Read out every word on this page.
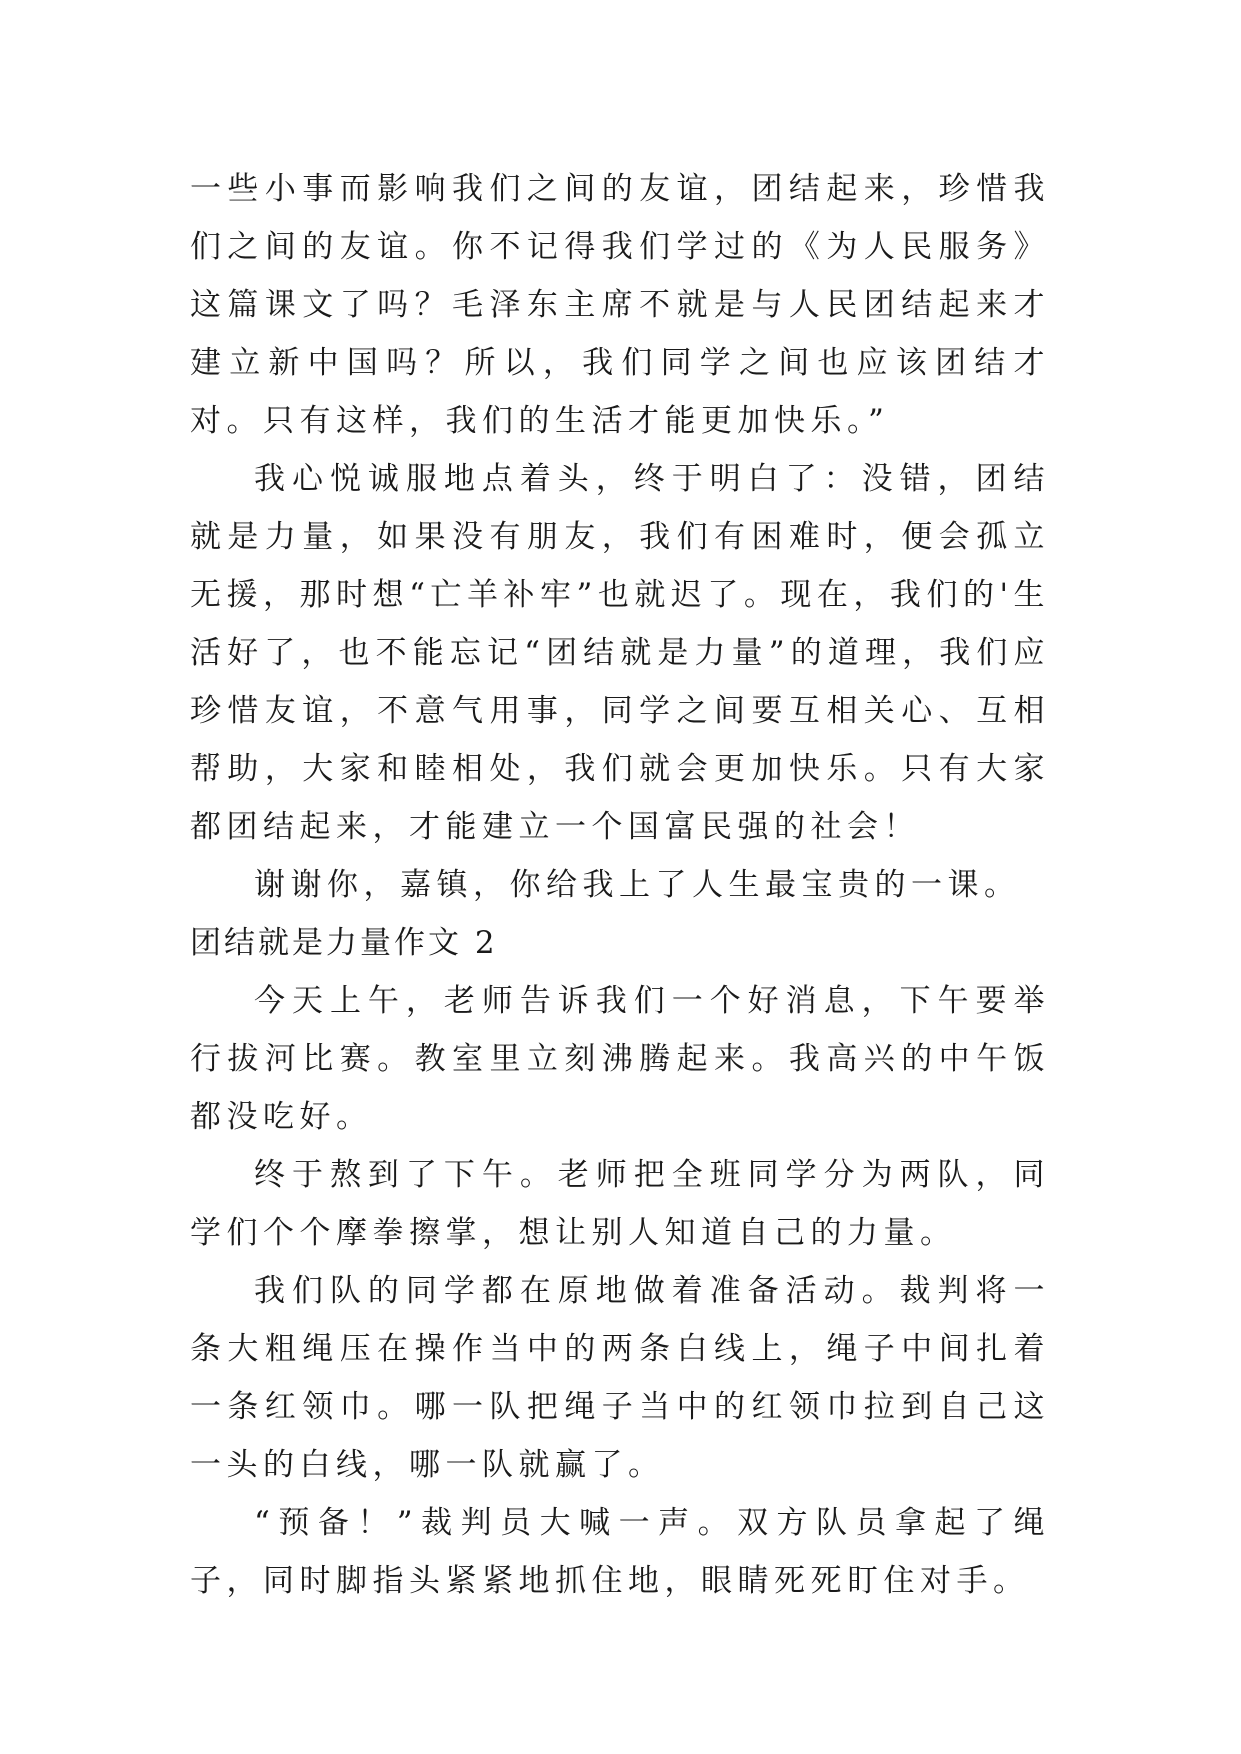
一些小事而影响我们之间的友谊，团结起来，珍惜我们之间的友谊。你不记得我们学过的《为人民服务》这篇课文了吗？毛泽东主席不就是与人民团结起来才建立新中国吗？所以，我们同学之间也应该团结才对。只有这样，我们的生活才能更加快乐。”

我心悦诚服地点着头，终于明白了：没错，团结就是力量，如果没有朋友，我们有困难时，便会孤立无援，那时想“亡羊补牢”也就迟了。现在，我们的'生活好了，也不能忘记“团结就是力量”的道理，我们应珍惜友谊，不意气用事，同学之间要互相关心、互相帮助，大家和睦相处，我们就会更加快乐。只有大家都团结起来，才能建立一个国富民强的社会！

谢谢你，嘉镇，你给我上了人生最宝贵的一课。

团结就是力量作文 2

今天上午，老师告诉我们一个好消息，下午要举行拔河比赛。教室里立刻沸腾起来。我高兴的中午饭都没吃好。

终于熬到了下午。老师把全班同学分为两队，同学们个个摩拳擦掌，想让别人知道自己的力量。

我们队的同学都在原地做着准备活动。裁判将一条大粗绳压在操作当中的两条白线上，绳子中间扎着一条红领巾。哪一队把绳子当中的红领巾拉到自己这一头的白线，哪一队就赢了。

“预备！”裁判员大喊一声。双方队员拿起了绳子，同时脚指头紧紧地抓住地，眼睛死死盯住对手。
